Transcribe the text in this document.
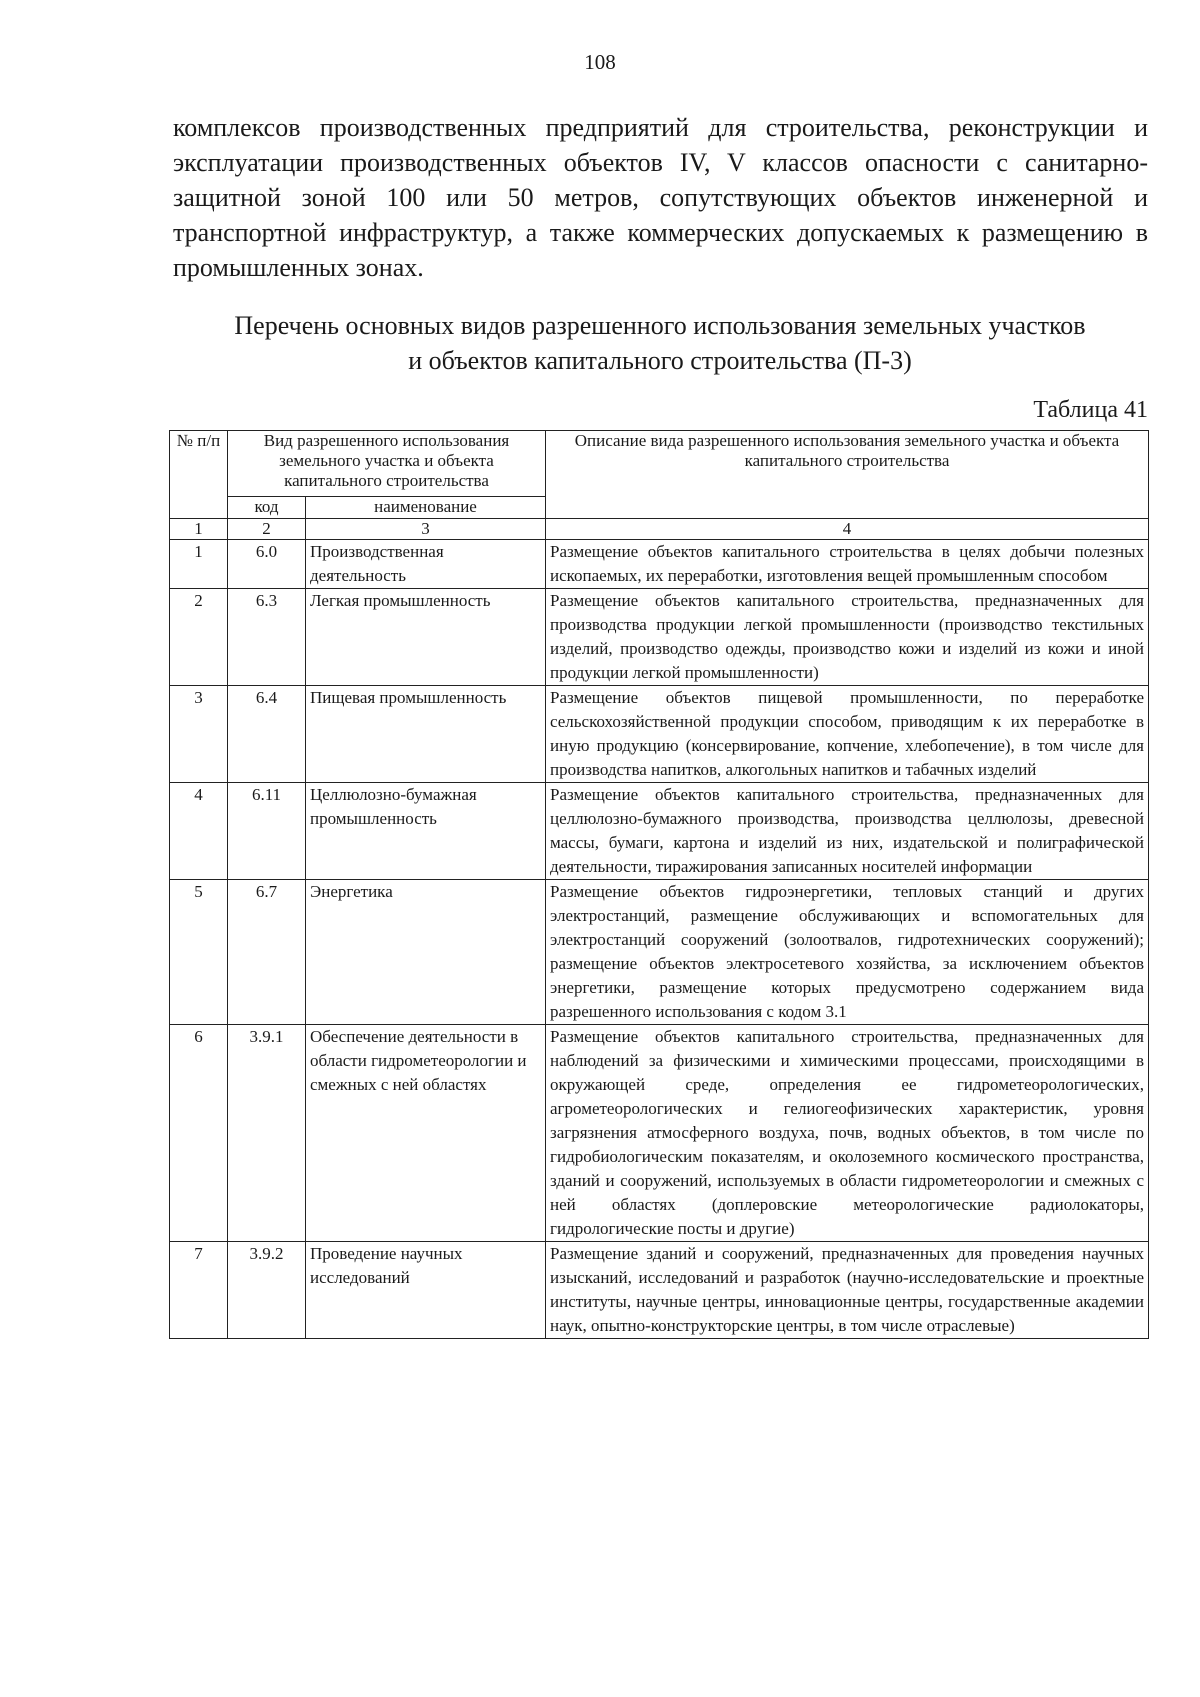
108

комплексов производственных предприятий для строительства, реконструкции и эксплуатации производственных объектов IV, V классов опасности с санитарно-защитной зоной 100 или 50 метров, сопутствующих объектов инженерной и транспортной инфраструктур, а также коммерческих допускаемых к размещению в промышленных зонах.

Перечень основных видов разрешенного использования земельных участков
и объектов капитального строительства (П-3)
Таблица 41
№ п/п	Вид разрешенного использования земельного участка и объекта капитального строительства		Описание вида разрешенного использования земельного участка и объекта капитального строительства
	код	наименование	
1	2	3	4
1	6.0	Производственная деятельность	Размещение объектов капитального строительства в целях добычи полезных ископаемых, их переработки, изготовления вещей промышленным способом
2	6.3	Легкая промышленность	Размещение объектов капитального строительства, предназначенных для производства продукции легкой промышленности (производство текстильных изделий, производство одежды, производство кожи и изделий из кожи и иной продукции легкой промышленности)
3	6.4	Пищевая промышленность	Размещение объектов пищевой промышленности, по переработке сельскохозяйственной продукции способом, приводящим к их переработке в иную продукцию (консервирование, копчение, хлебопечение), в том числе для производства напитков, алкогольных напитков и табачных изделий
4	6.11	Целлюлозно-бумажная промышленность	Размещение объектов капитального строительства, предназначенных для целлюлозно-бумажного производства, производства целлюлозы, древесной массы, бумаги, картона и изделий из них, издательской и полиграфической деятельности, тиражирования записанных носителей информации
5	6.7	Энергетика	Размещение объектов гидроэнергетики, тепловых станций и других электростанций, размещение обслуживающих и вспомогательных для электростанций сооружений (золоотвалов, гидротехнических сооружений); размещение объектов электросетевого хозяйства, за исключением объектов энергетики, размещение которых предусмотрено содержанием вида разрешенного использования с кодом 3.1
6	3.9.1	Обеспечение деятельности в области гидрометеорологии и смежных с ней областях	Размещение объектов капитального строительства, предназначенных для наблюдений за физическими и химическими процессами, происходящими в окружающей среде, определения ее гидрометеорологических, агрометеорологических и гелиогеофизических характеристик, уровня загрязнения атмосферного воздуха, почв, водных объектов, в том числе по гидробиологическим показателям, и околоземного космического пространства, зданий и сооружений, используемых в области гидрометеорологии и смежных с ней областях (доплеровские метеорологические радиолокаторы, гидрологические посты и другие)
7	3.9.2	Проведение научных исследований	Размещение зданий и сооружений, предназначенных для проведения научных изысканий, исследований и разработок (научно-исследовательские и проектные институты, научные центры, инновационные центры, государственные академии наук, опытно-конструкторские центры, в том числе отраслевые)
